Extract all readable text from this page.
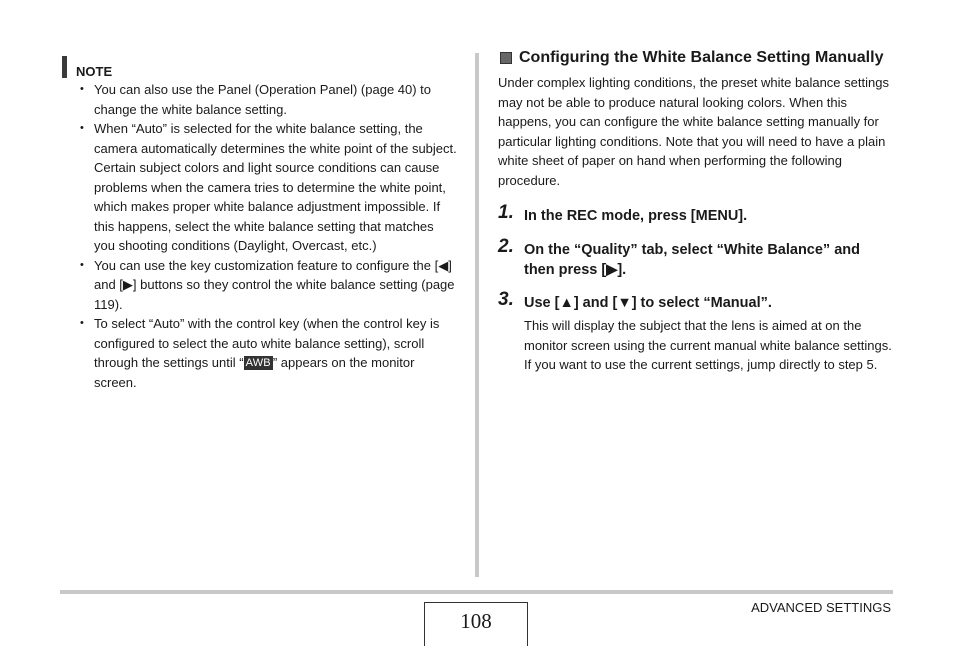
NOTE
• You can also use the Panel (Operation Panel) (page 40) to change the white balance setting.
• When “Auto” is selected for the white balance setting, the camera automatically determines the white point of the subject. Certain subject colors and light source conditions can cause problems when the camera tries to determine the white point, which makes proper white balance adjustment impossible. If this happens, select the white balance setting that matches you shooting conditions (Daylight, Overcast, etc.)
• You can use the key customization feature to configure the [◀] and [▶] buttons so they control the white balance setting (page 119).
• To select “Auto” with the control key (when the control key is configured to select the auto white balance setting), scroll through the settings until “ AWB ” appears on the monitor screen.
Configuring the White Balance Setting Manually

Under complex lighting conditions, the preset white balance settings may not be able to produce natural looking colors. When this happens, you can configure the white balance setting manually for particular lighting conditions. Note that you will need to have a plain white sheet of paper on hand when performing the following procedure.

1. In the REC mode, press [MENU].
2. On the “Quality” tab, select “White Balance” and then press [▶].
3. Use [▲] and [▼] to select “Manual”.
This will display the subject that the lens is aimed at on the monitor screen using the current manual white balance settings. If you want to use the current settings, jump directly to step 5.
108
ADVANCED SETTINGS
